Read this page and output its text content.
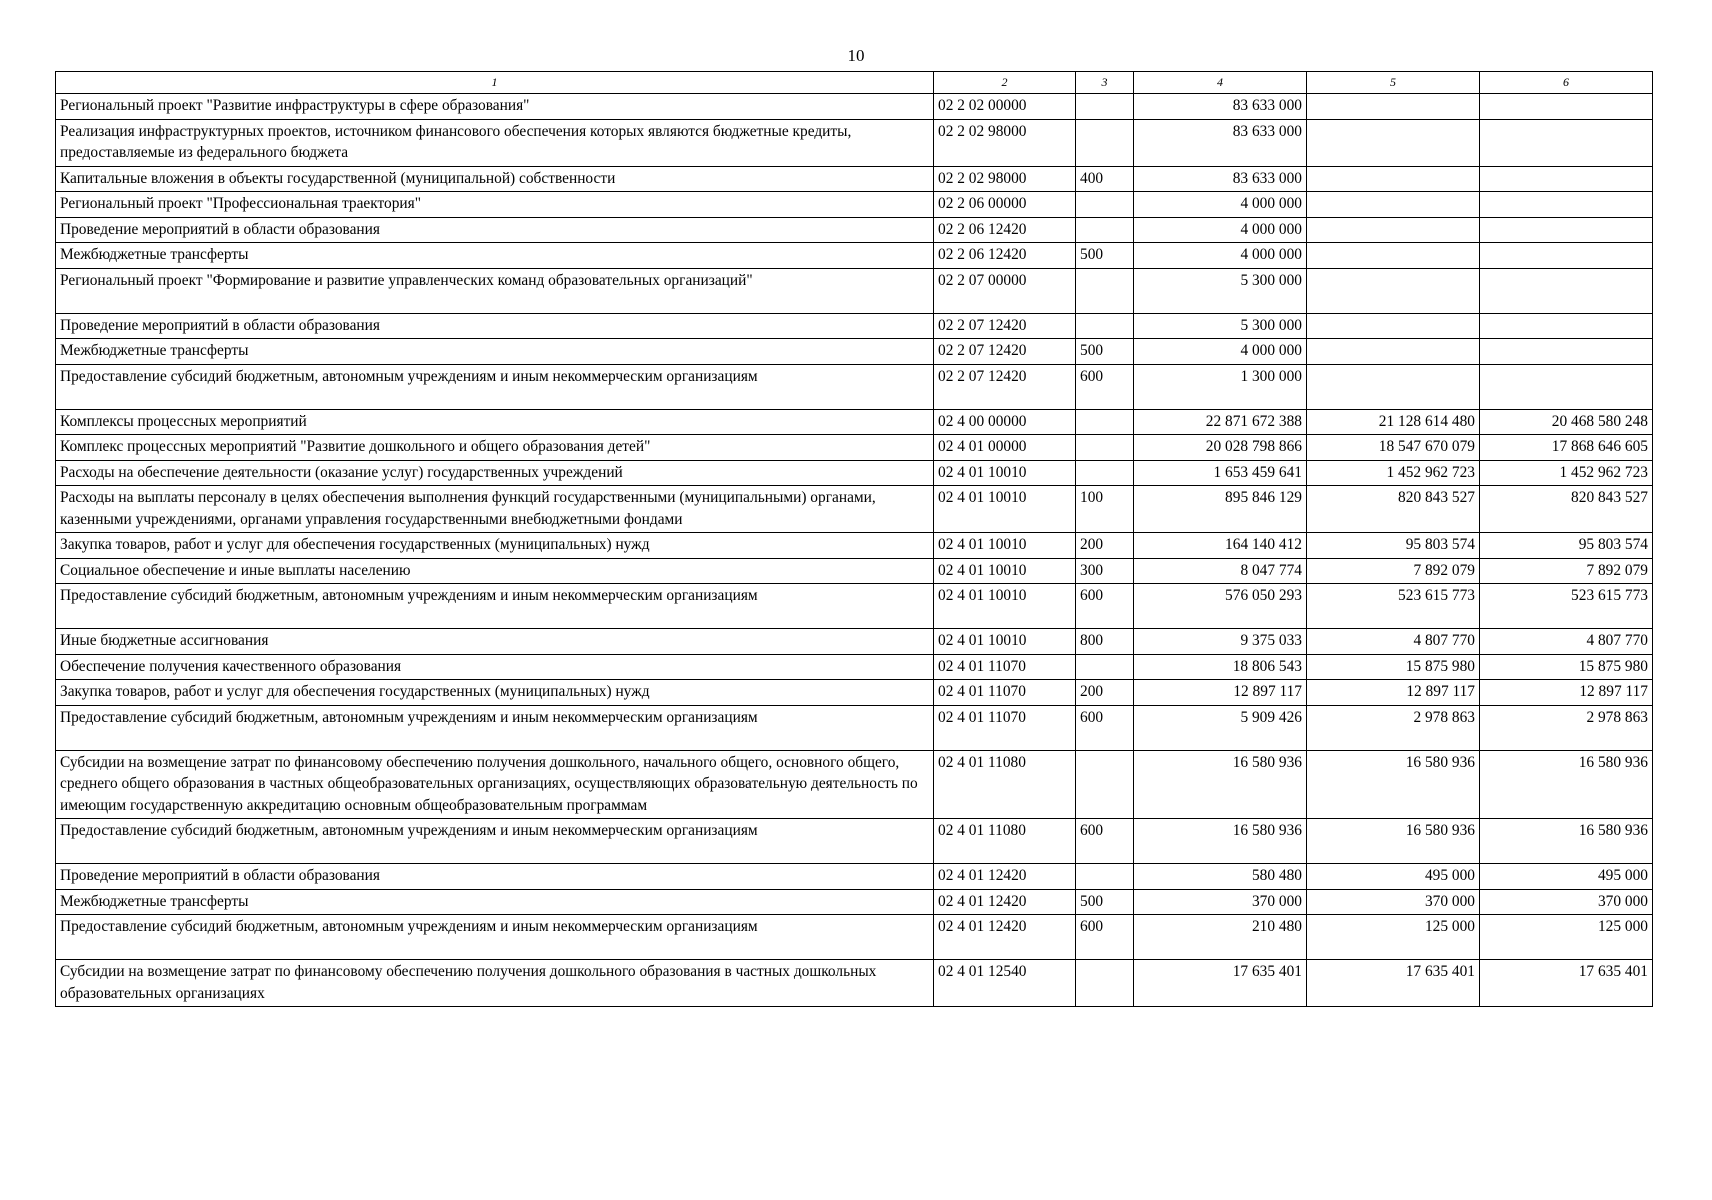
10
1	2	3	4	5	6
Региональный проект "Развитие инфраструктуры в сфере образования"	02 2 02 00000		83 633 000		
Реализация инфраструктурных проектов, источником финансового обеспечения которых являются бюджетные кредиты, предоставляемые из федерального бюджета	02 2 02 98000		83 633 000		
Капитальные вложения в объекты государственной (муниципальной) собственности	02 2 02 98000	400	83 633 000		
Региональный проект "Профессиональная траектория"	02 2 06 00000		4 000 000		
Проведение мероприятий в области образования	02 2 06 12420		4 000 000		
Межбюджетные трансферты	02 2 06 12420	500	4 000 000		
Региональный проект "Формирование и развитие управленческих команд образовательных организаций"	02 2 07 00000		5 300 000		
Проведение мероприятий в области образования	02 2 07 12420		5 300 000		
Межбюджетные трансферты	02 2 07 12420	500	4 000 000		
Предоставление субсидий бюджетным, автономным учреждениям и иным некоммерческим организациям	02 2 07 12420	600	1 300 000		
Комплексы процессных мероприятий	02 4 00 00000		22 871 672 388	21 128 614 480	20 468 580 248
Комплекс процессных мероприятий "Развитие дошкольного и общего образования детей"	02 4 01 00000		20 028 798 866	18 547 670 079	17 868 646 605
Расходы на обеспечение деятельности (оказание услуг) государственных учреждений	02 4 01 10010		1 653 459 641	1 452 962 723	1 452 962 723
Расходы на выплаты персоналу в целях обеспечения выполнения функций государственными (муниципальными) органами, казенными учреждениями, органами управления государственными внебюджетными фондами	02 4 01 10010	100	895 846 129	820 843 527	820 843 527
Закупка товаров, работ и услуг для обеспечения государственных (муниципальных) нужд	02 4 01 10010	200	164 140 412	95 803 574	95 803 574
Социальное обеспечение и иные выплаты населению	02 4 01 10010	300	8 047 774	7 892 079	7 892 079
Предоставление субсидий бюджетным, автономным учреждениям и иным некоммерческим организациям	02 4 01 10010	600	576 050 293	523 615 773	523 615 773
Иные бюджетные ассигнования	02 4 01 10010	800	9 375 033	4 807 770	4 807 770
Обеспечение получения качественного образования	02 4 01 11070		18 806 543	15 875 980	15 875 980
Закупка товаров, работ и услуг для обеспечения государственных (муниципальных) нужд	02 4 01 11070	200	12 897 117	12 897 117	12 897 117
Предоставление субсидий бюджетным, автономным учреждениям и иным некоммерческим организациям	02 4 01 11070	600	5 909 426	2 978 863	2 978 863
Субсидии на возмещение затрат по финансовому обеспечению получения дошкольного, начального общего, основного общего, среднего общего образования в частных общеобразовательных организациях, осуществляющих образовательную деятельность по имеющим государственную аккредитацию основным общеобразовательным программам	02 4 01 11080		16 580 936	16 580 936	16 580 936
Предоставление субсидий бюджетным, автономным учреждениям и иным некоммерческим организациям	02 4 01 11080	600	16 580 936	16 580 936	16 580 936
Проведение мероприятий в области образования	02 4 01 12420		580 480	495 000	495 000
Межбюджетные трансферты	02 4 01 12420	500	370 000	370 000	370 000
Предоставление субсидий бюджетным, автономным учреждениям и иным некоммерческим организациям	02 4 01 12420	600	210 480	125 000	125 000
Субсидии на возмещение затрат по финансовому обеспечению получения дошкольного образования в частных дошкольных образовательных организациях	02 4 01 12540		17 635 401	17 635 401	17 635 401
